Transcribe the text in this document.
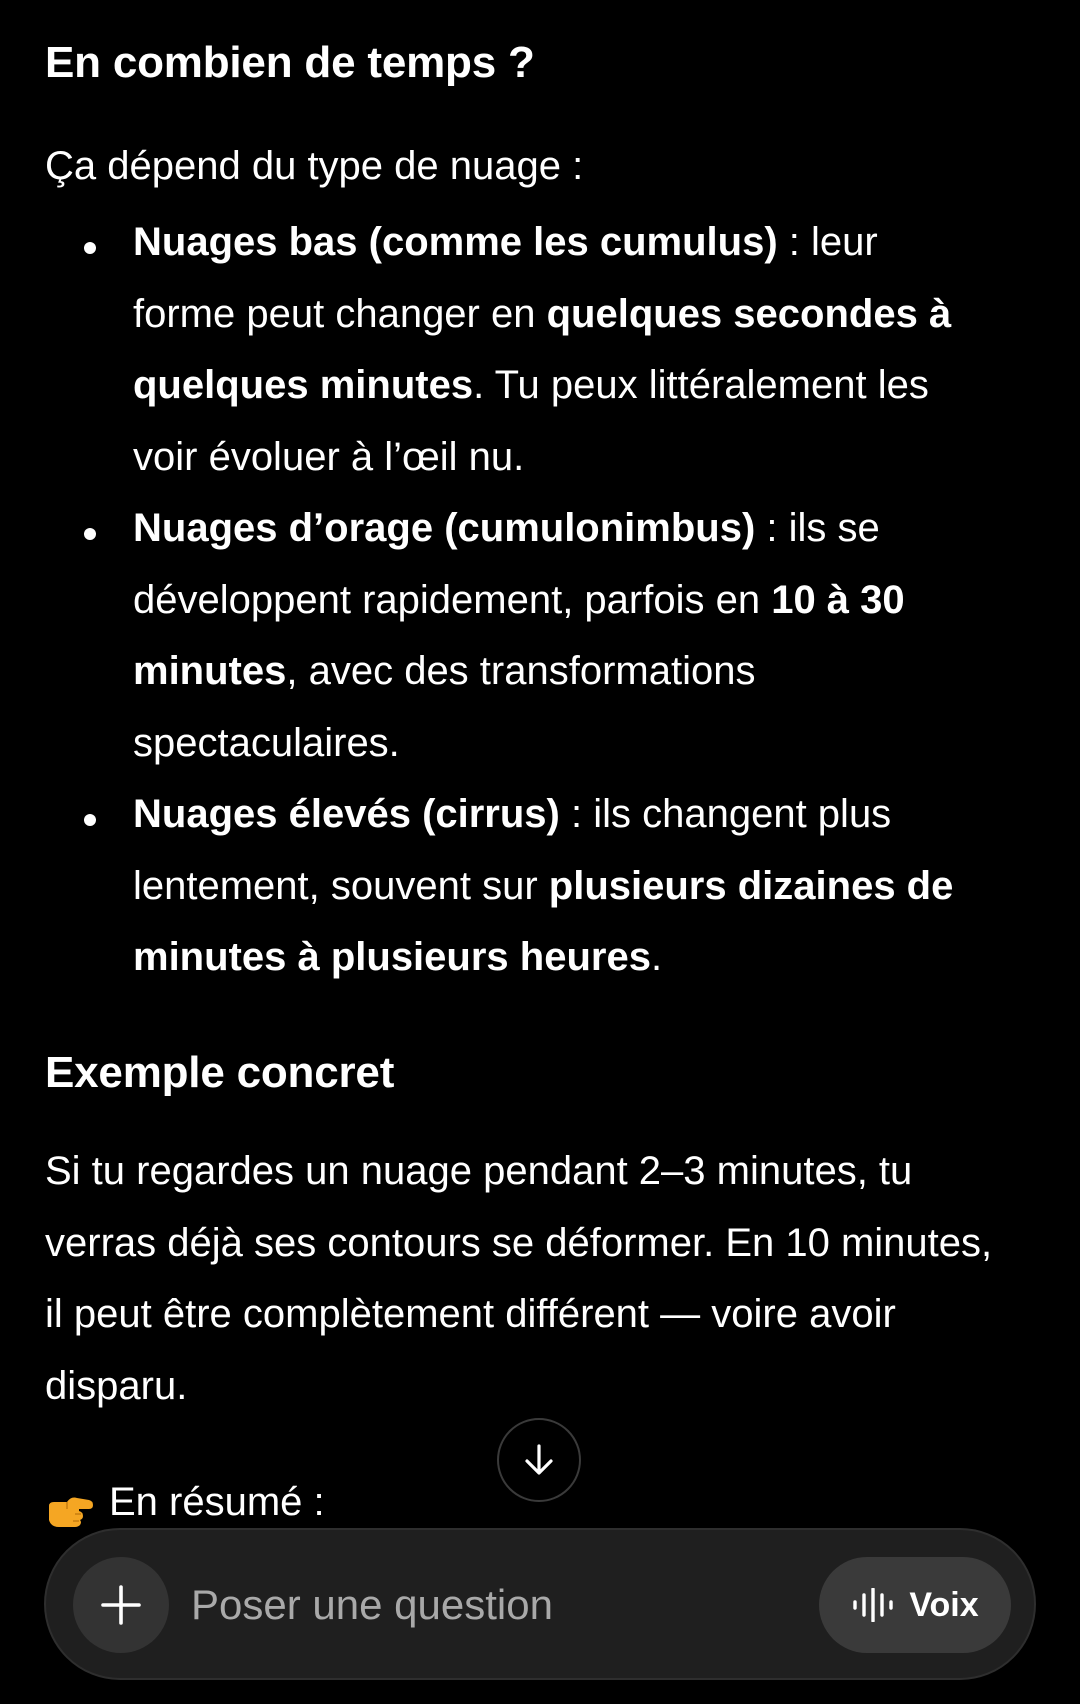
En combien de temps ?

Ça dépend du type de nuage :

Nuages bas (comme les cumulus) : leur forme peut changer en quelques secondes à quelques minutes. Tu peux littéralement les voir évoluer à l’œil nu.
Nuages d’orage (cumulonimbus) : ils se développent rapidement, parfois en 10 à 30 minutes, avec des transformations spectaculaires.
Nuages élevés (cirrus) : ils changent plus lentement, souvent sur plusieurs dizaines de minutes à plusieurs heures.
Exemple concret

Si tu regardes un nuage pendant 2–3 minutes, tu verras déjà ses contours se déformer. En 10 minutes, il peut être complètement différent — voire avoir disparu.

En résumé :
Poser une question
Voix
